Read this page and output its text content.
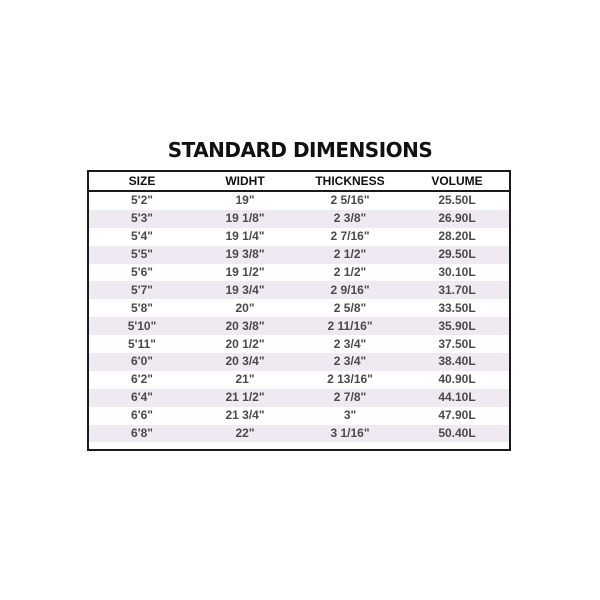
STANDARD DIMENSIONS
SIZE	WIDHT	THICKNESS	VOLUME
5'2"	19"	2 5/16"	25.50L
5'3"	19 1/8"	2 3/8"	26.90L
5'4"	19 1/4"	2 7/16"	28.20L
5'5"	19 3/8"	2 1/2"	29.50L
5'6"	19 1/2"	2 1/2"	30.10L
5'7"	19 3/4"	2 9/16"	31.70L
5'8"	20"	2 5/8"	33.50L
5'10"	20 3/8"	2 11/16"	35.90L
5'11"	20 1/2"	2 3/4"	37.50L
6'0"	20 3/4"	2 3/4"	38.40L
6'2"	21"	2 13/16"	40.90L
6'4"	21 1/2"	2 7/8"	44.10L
6'6"	21 3/4"	3"	47.90L
6'8"	22"	3 1/16"	50.40L
